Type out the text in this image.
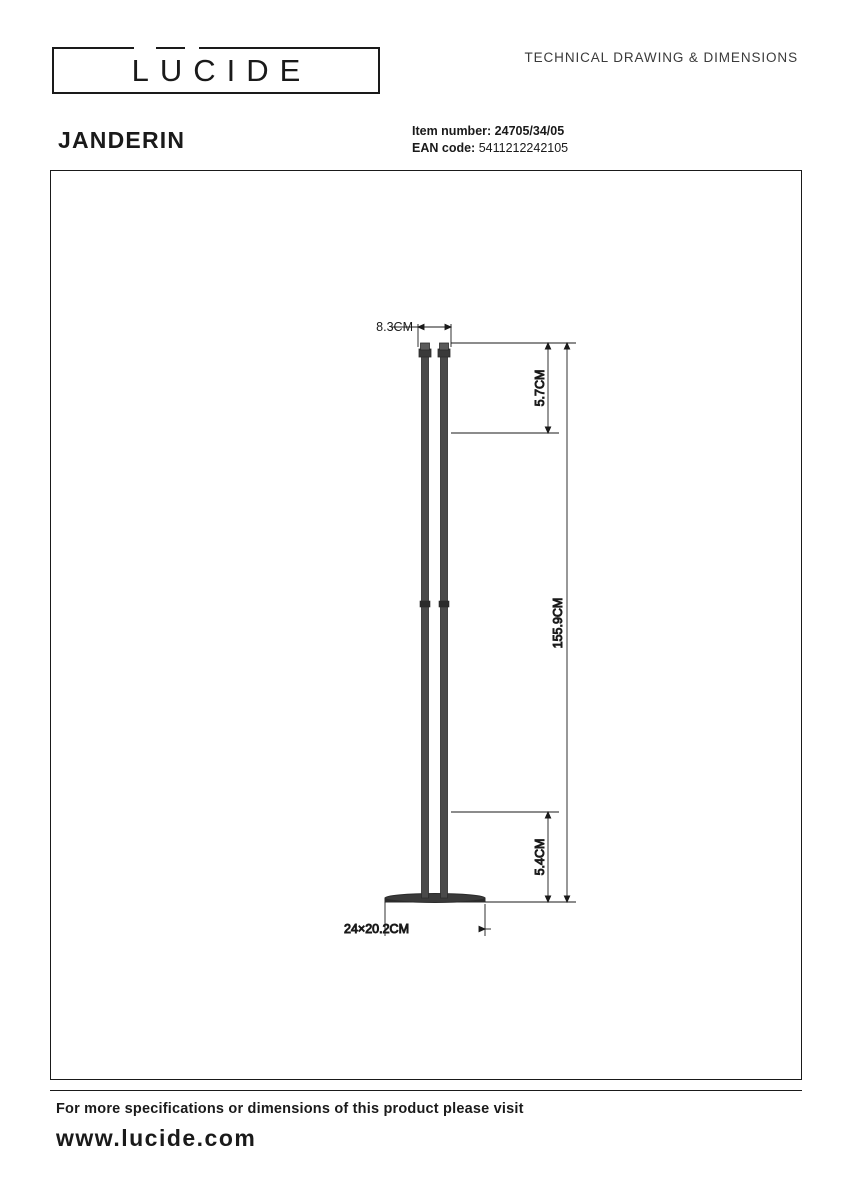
LUCIDE	TECHNICAL DRAWING & DIMENSIONS
JANDERIN	Item number: 24705/34/05
EAN code: 5411212242105
5.7CM
155.9CM
5.4CM
24×20.2CM
8.3CM
For more specifications or dimensions of this product please visit
www.lucide.com
